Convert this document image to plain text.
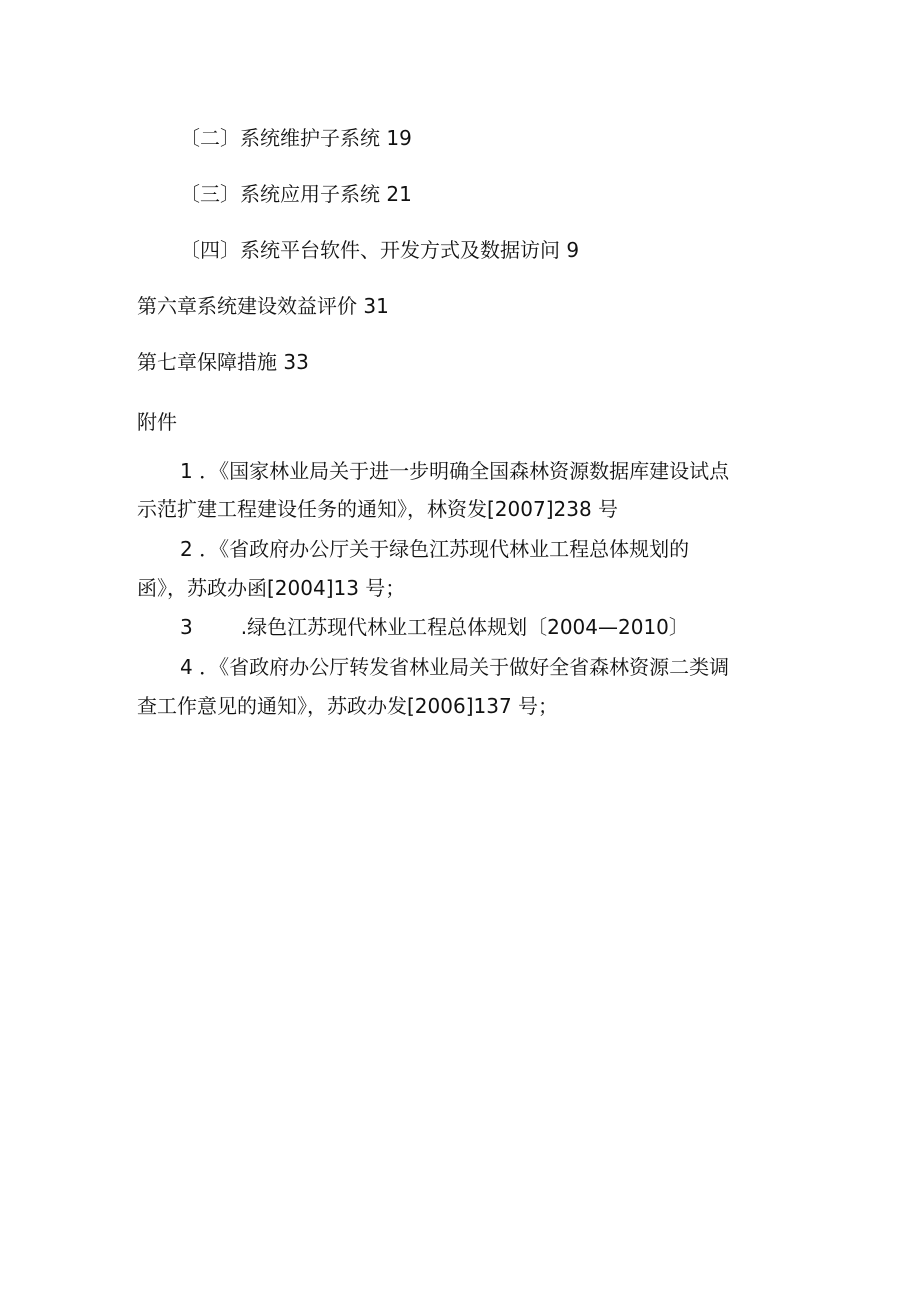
〔二〕系统维护子系统 19
〔三〕系统应用子系统 21
〔四〕系统平台软件、开发方式及数据访问 9
第六章系统建设效益评价 31
第七章保障措施 33
附件
1 ．《国家林业局关于进一步明确全国森林资源数据库建设试点
示范扩建工程建设任务的通知》，林资发[2007]238 号
2 ．《省政府办公厅关于绿色江苏现代林业工程总体规划的
函》，苏政办函[2004]13 号；
3 .绿色江苏现代林业工程总体规划〔2004—2010〕
4 ．《省政府办公厅转发省林业局关于做好全省森林资源二类调
查工作意见的通知》，苏政办发[2006]137 号；
